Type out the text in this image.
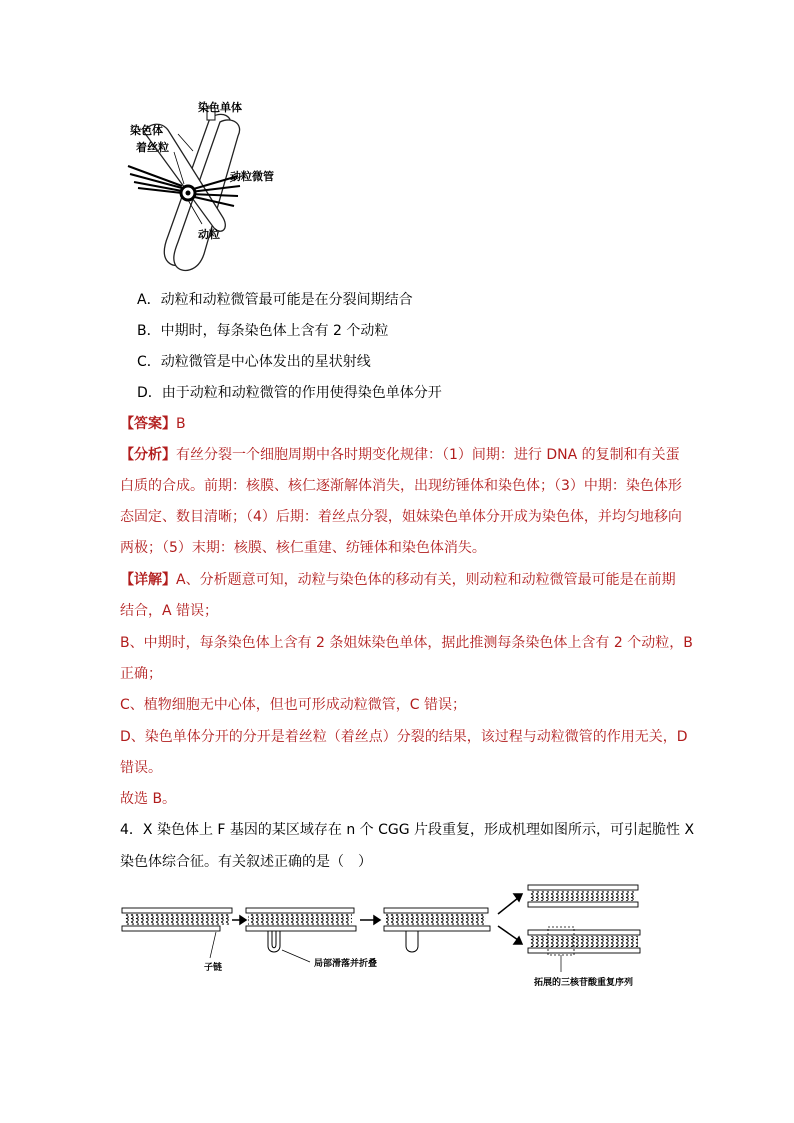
染色单体
染色体
着丝粒
动粒微管
动粒
A．动粒和动粒微管最可能是在分裂间期结合
B．中期时，每条染色体上含有 2 个动粒
C．动粒微管是中心体发出的星状射线
D．由于动粒和动粒微管的作用使得染色单体分开
【答案】B
【分析】有丝分裂一个细胞周期中各时期变化规律：（1）间期：进行 DNA 的复制和有关蛋白质的合成。前期：核膜、核仁逐渐解体消失，出现纺锤体和染色体；（3）中期：染色体形态固定、数目清晰；（4）后期：着丝点分裂，姐妹染色单体分开成为染色体，并均匀地移向两极；（5）末期：核膜、核仁重建、纺锤体和染色体消失。
【详解】A、分析题意可知，动粒与染色体的移动有关，则动粒和动粒微管最可能是在前期
结合，A 错误；
B、中期时，每条染色体上含有 2 条姐妹染色单体，据此推测每条染色体上含有 2 个动粒，B
正确；
C、植物细胞无中心体，但也可形成动粒微管，C 错误；
D、染色单体分开的分开是着丝粒（着丝点）分裂的结果，该过程与动粒微管的作用无关，D
错误。
故选 B。
4．X 染色体上 F 基因的某区域存在 n 个 CGG 片段重复，形成机理如图所示，可引起脆性 X
染色体综合征。有关叙述正确的是（　）
子链	局部滑落并折叠
拓展的三核苷酸重复序列
